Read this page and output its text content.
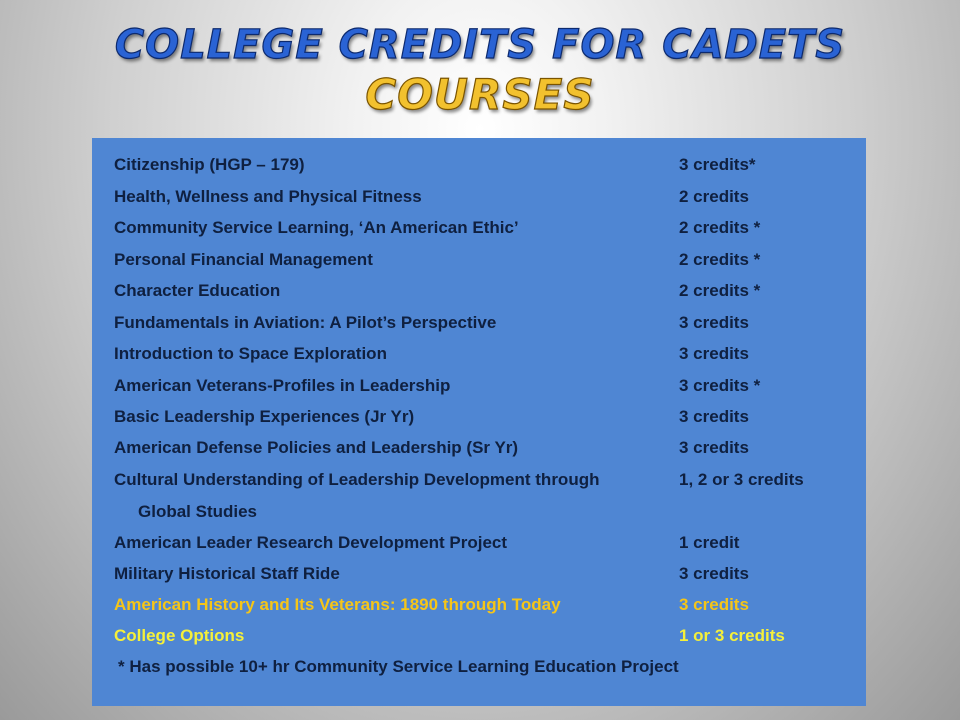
COLLEGE CREDITS FOR CADETS
COURSES
Citizenship (HGP – 179)	3 credits*
Health, Wellness and Physical Fitness	2 credits
Community Service Learning, ‘An American Ethic’	2 credits *
Personal Financial Management	2 credits *
Character Education	2 credits *
Fundamentals in Aviation: A Pilot’s Perspective	3 credits
Introduction to Space Exploration	3 credits
American Veterans-Profiles in Leadership	3 credits *
Basic Leadership Experiences (Jr Yr)	3 credits
American Defense Policies and Leadership (Sr Yr)	3 credits
Cultural Understanding of Leadership Development through	1, 2 or 3 credits
Global Studies
American Leader Research Development Project	1 credit
Military Historical Staff Ride	3 credits
American History and Its Veterans: 1890 through Today	3 credits
College Options	1 or 3 credits
* Has possible 10+ hr Community Service Learning Education Project
